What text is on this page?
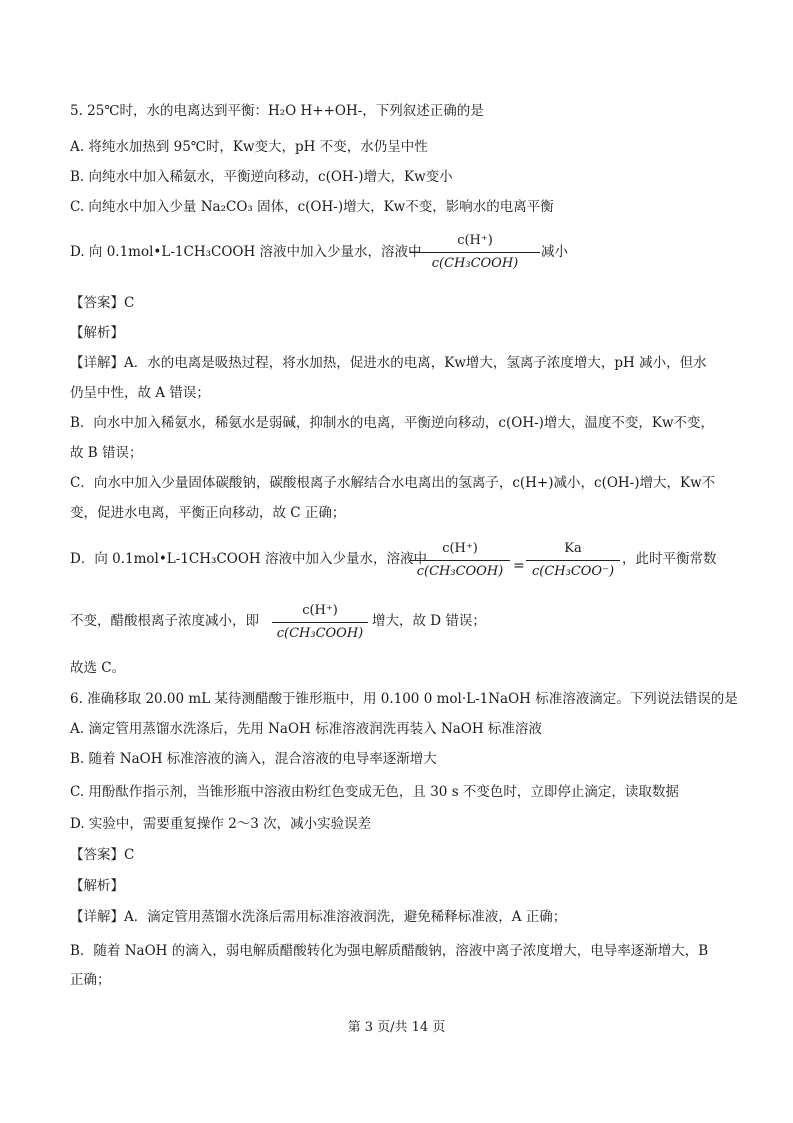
5. 25℃时，水的电离达到平衡：H₂O H++OH-，下列叙述正确的是
A. 将纯水加热到 95℃时，Kw变大，pH 不变，水仍呈中性
B. 向纯水中加入稀氨水，平衡逆向移动，c(OH-)增大，Kw变小
C. 向纯水中加入少量 Na₂CO₃ 固体，c(OH-)增大，Kw不变，影响水的电离平衡
D. 向 0.1mol•L-1CH₃COOH 溶液中加入少量水，溶液中
c(H⁺)
c(CH₃COOH)
减小
【答案】C
【解析】
【详解】A．水的电离是吸热过程，将水加热，促进水的电离，Kw增大，氢离子浓度增大，pH 减小，但水
仍呈中性，故 A 错误；
B．向水中加入稀氨水，稀氨水是弱碱，抑制水的电离，平衡逆向移动，c(OH-)增大，温度不变，Kw不变，
故 B 错误；
C．向水中加入少量固体碳酸钠，碳酸根离子水解结合水电离出的氢离子，c(H+)减小，c(OH-)增大，Kw不
变，促进水电离，平衡正向移动，故 C 正确；
D．向 0.1mol•L-1CH₃COOH 溶液中加入少量水，溶液中
c(H⁺)
c(CH₃COOH) =
Ka
c(CH₃COO⁻)
，此时平衡常数
不变，醋酸根离子浓度减小，即
c(H⁺)
c(CH₃COOH)
增大，故 D 错误；
故选 C。
6. 准确移取 20.00 mL 某待测醋酸于锥形瓶中，用 0.100 0 mol·L-1NaOH 标准溶液滴定。下列说法错误的是
A. 滴定管用蒸馏水洗涤后，先用 NaOH 标准溶液润洗再装入 NaOH 标准溶液
B. 随着 NaOH 标准溶液的滴入，混合溶液的电导率逐渐增大
C. 用酚酞作指示剂，当锥形瓶中溶液由粉红色变成无色，且 30 s 不变色时，立即停止滴定，读取数据
D. 实验中，需要重复操作 2～3 次，减小实验误差
【答案】C
【解析】
【详解】A．滴定管用蒸馏水洗涤后需用标准溶液润洗，避免稀释标准液，A 正确；
B．随着 NaOH 的滴入，弱电解质醋酸转化为强电解质醋酸钠，溶液中离子浓度增大，电导率逐渐增大，B
正确；
第 3 页/共 14 页
